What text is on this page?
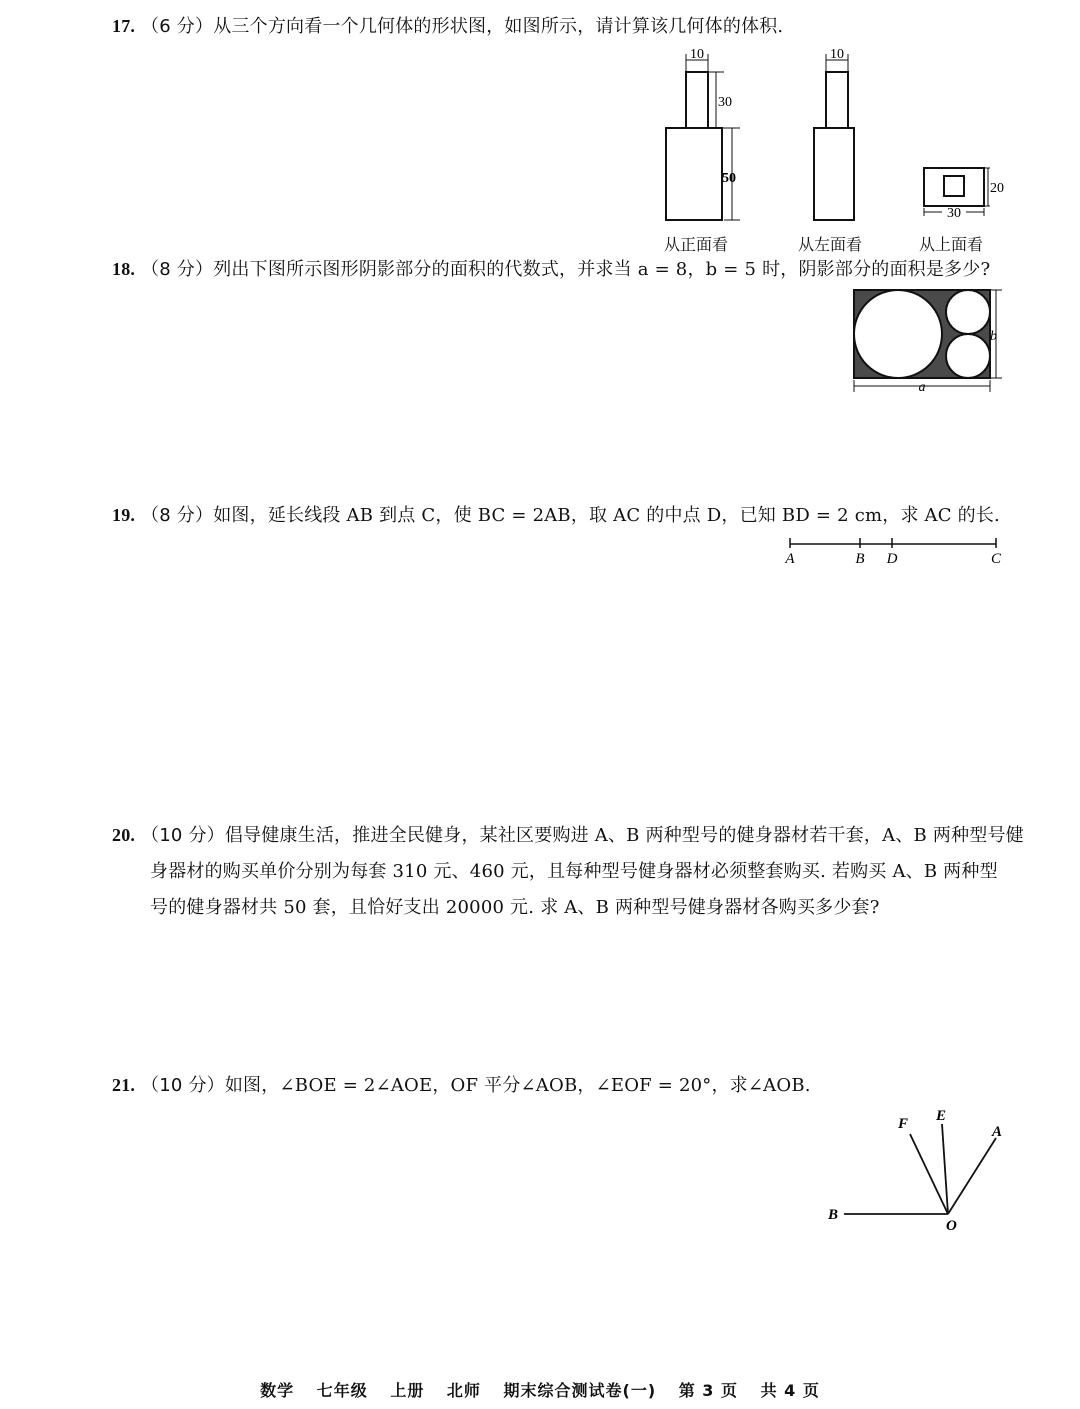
17. （6 分）从三个方向看一个几何体的形状图，如图所示，请计算该几何体的体积.
10
30
50
从正面看
10
从左面看
20
30
从上面看
18. （8 分）列出下图所示图形阴影部分的面积的代数式，并求当 a = 8，b = 5 时，阴影部分的面积是多少?
b
a
19. （8 分）如图，延长线段 AB 到点 C，使 BC = 2AB，取 AC 的中点 D，已知 BD = 2 cm，求 AC 的长.
A	B D	C
20. （10 分）倡导健康生活，推进全民健身，某社区要购进 A、B 两种型号的健身器材若干套，A、B 两种型号健
身器材的购买单价分别为每套 310 元、460 元，且每种型号健身器材必须整套购买. 若购买 A、B 两种型
号的健身器材共 50 套，且恰好支出 20000 元. 求 A、B 两种型号健身器材各购买多少套?
21. （10 分）如图，∠BOE = 2∠AOE，OF 平分∠AOB，∠EOF = 20°，求∠AOB.
F E
A
B
O
数学 七年级 上册 北师 期末综合测试卷(一) 第 3 页 共 4 页
